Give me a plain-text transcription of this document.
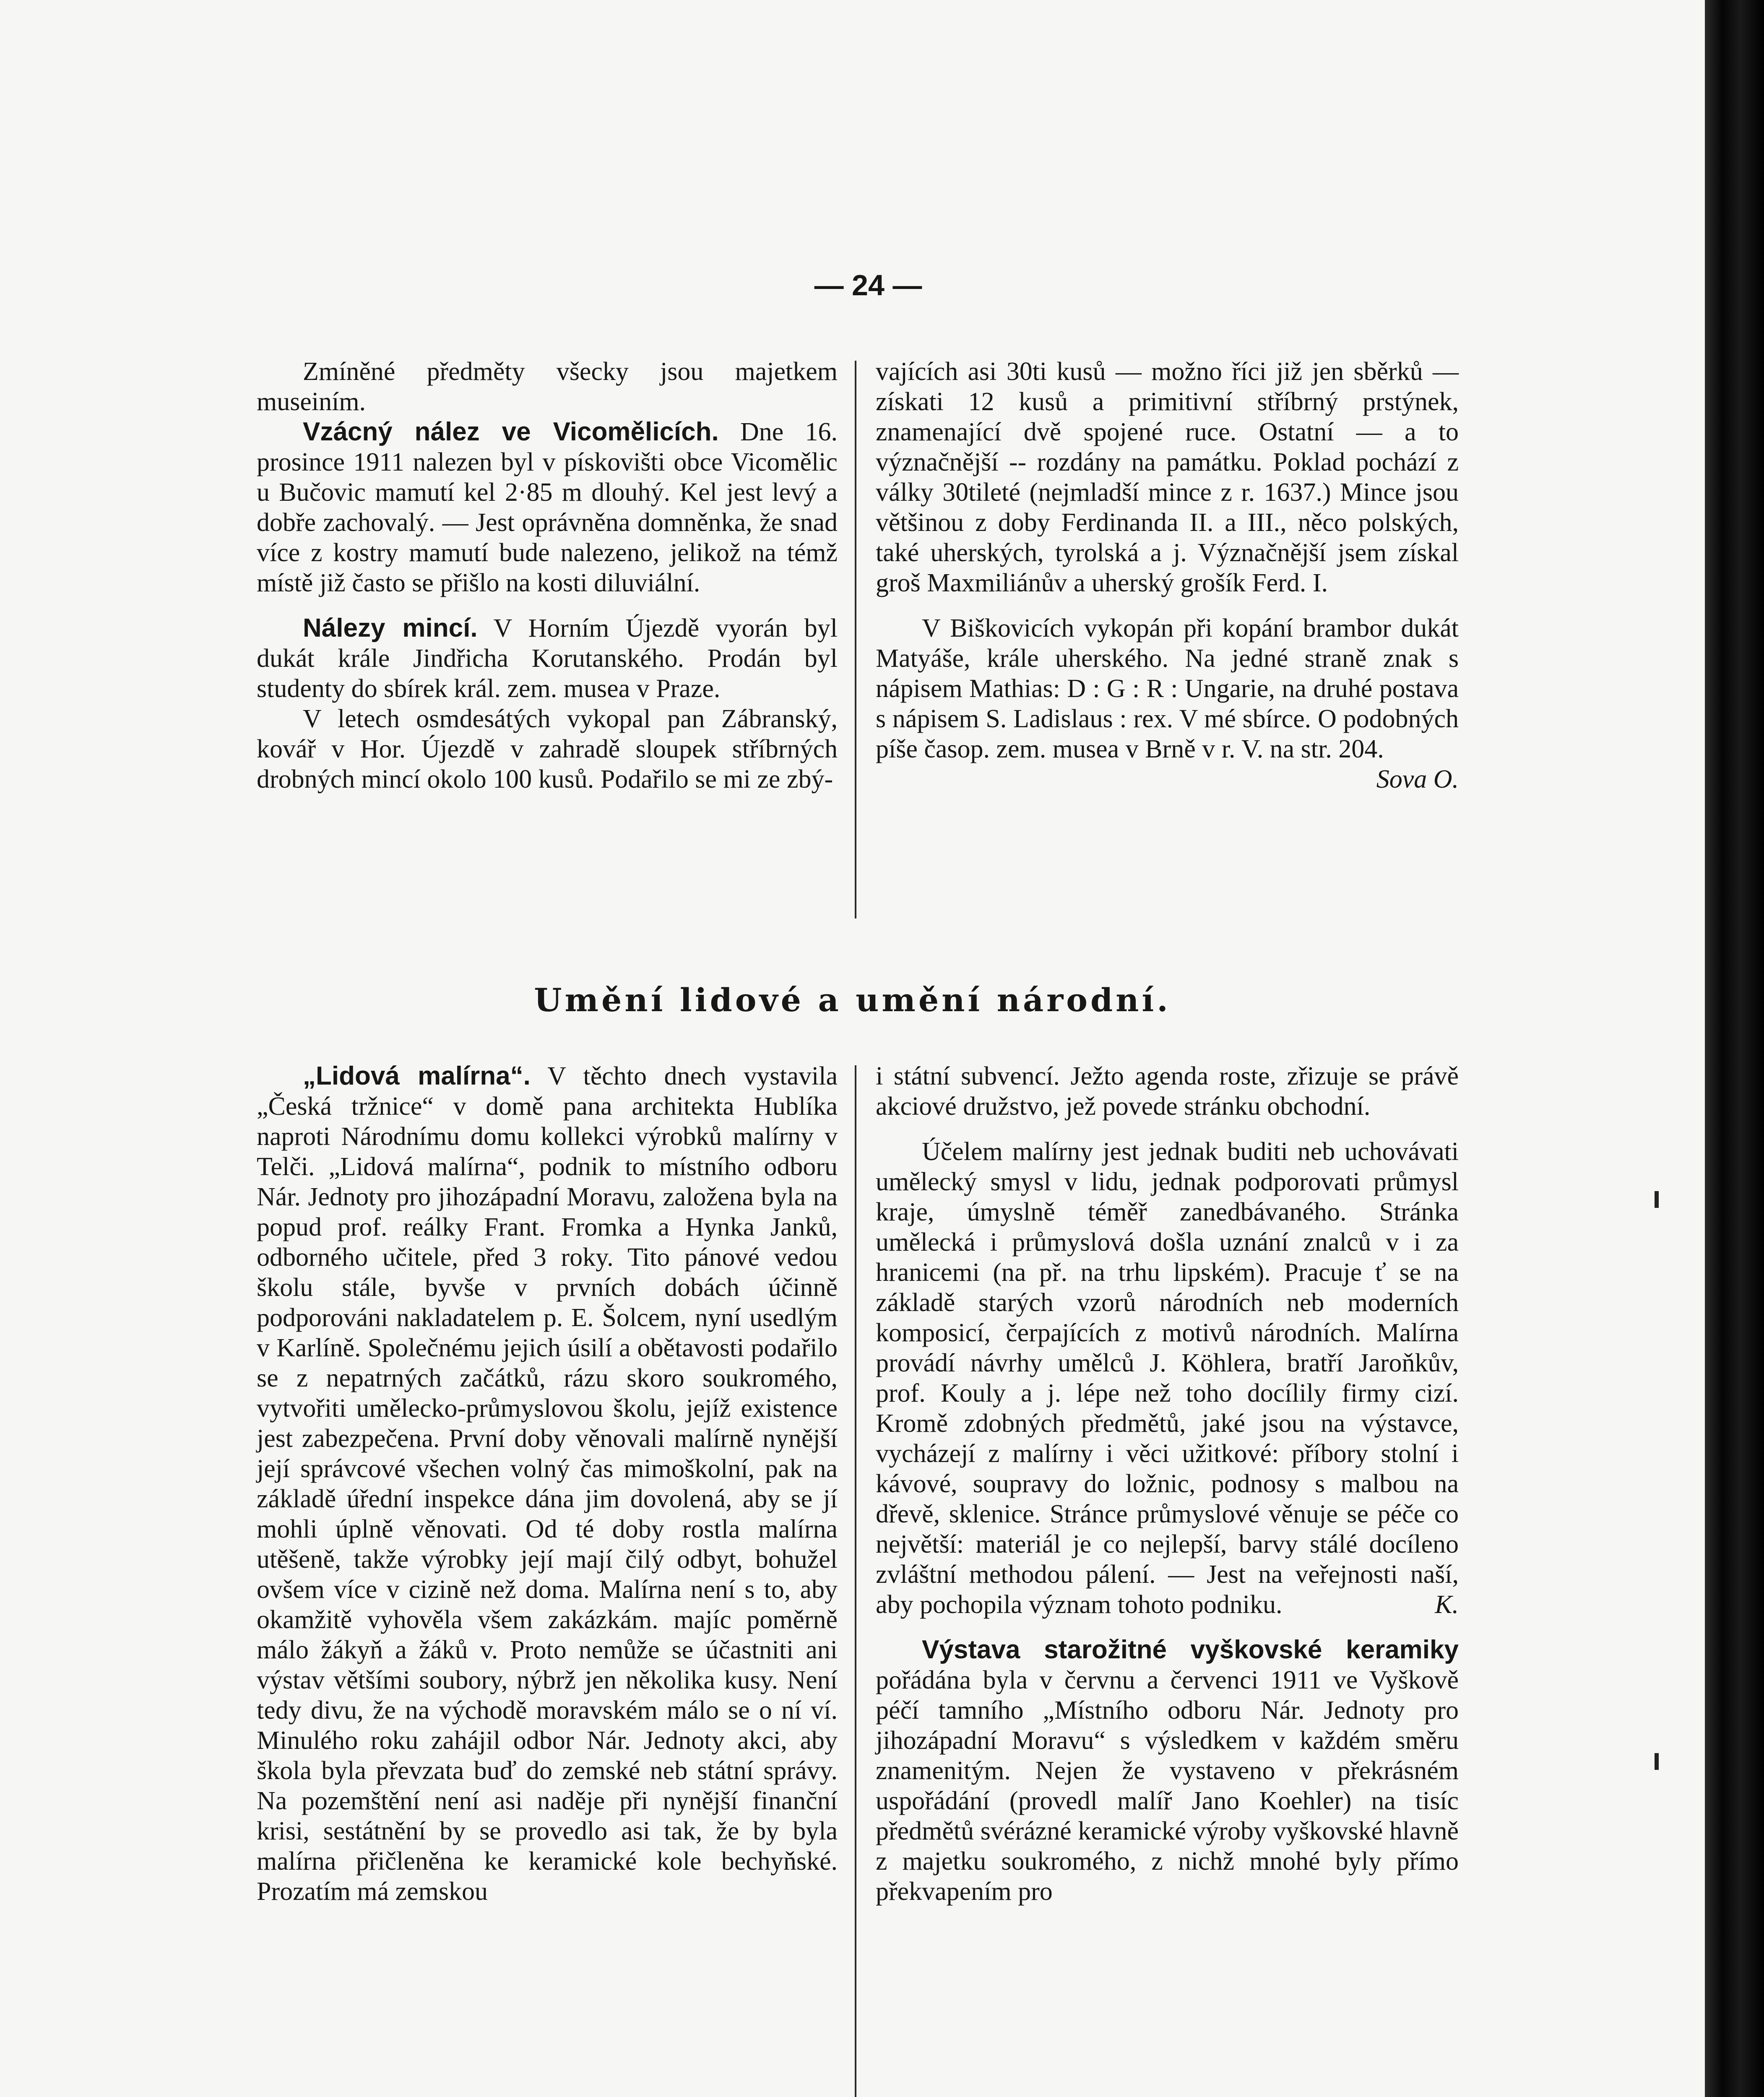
— 24 —

Zmíněné předměty všecky jsou majetkem museiním.

Vzácný nález ve Vicomělicích. Dne 16. prosince 1911 nalezen byl v pískovišti obce Vicomělic u Bučovic mamutí kel 2·85 m dlouhý. Kel jest levý a dobře zachovalý. — Jest oprávněna domněnka, že snad více z kostry mamutí bude nalezeno, jelikož na témž místě již často se přišlo na kosti diluviální.

Nálezy mincí. V Horním Újezdě vyorán byl dukát krále Jindřicha Korutanského. Prodán byl studenty do sbírek král. zem. musea v Praze.

V letech osmdesátých vykopal pan Zábranský, kovář v Hor. Újezdě v zahradě sloupek stříbrných drobných mincí okolo 100 kusů. Podařilo se mi ze zbý-

vajících asi 30ti kusů — možno říci již jen sběrků — získati 12 kusů a primitivní stříbrný prstýnek, znamenající dvě spojené ruce. Ostatní — a to význačnější -- rozdány na památku. Poklad pochází z války 30tileté (nejmladší mince z r. 1637.) Mince jsou většinou z doby Ferdinanda II. a III., něco polských, také uherských, tyrolská a j. Význačnější jsem získal groš Maxmiliánův a uherský grošík Ferd. I.

V Biškovicích vykopán při kopání brambor dukát Matyáše, krále uherského. Na jedné straně znak s nápisem Mathias: D : G : R : Ungarie, na druhé postava s nápisem S. Ladislaus : rex. V mé sbírce. O podobných píše časop. zem. musea v Brně v r. V. na str. 204.
Sova O.

Umění lidové a umění národní.

„Lidová malírna“. V těchto dnech vystavila „Česká tržnice“ v domě pana architekta Hublíka naproti Národnímu domu kollekci výrobků malírny v Telči. „Lidová malírna“, podnik to místního odboru Nár. Jednoty pro jihozápadní Moravu, založena byla na popud prof. reálky Frant. Fromka a Hynka Janků, odborného učitele, před 3 roky. Tito pánové vedou školu stále, byvše v prvních dobách účinně podporováni nakladatelem p. E. Šolcem, nyní usedlým v Karlíně. Společnému jejich úsilí a obětavosti podařilo se z nepatrných začátků, rázu skoro soukromého, vytvořiti umělecko-průmyslovou školu, jejíž existence jest zabezpečena. První doby věnovali malírně nynější její správcové všechen volný čas mimoškolní, pak na základě úřední inspekce dána jim dovolená, aby se jí mohli úplně věnovati. Od té doby rostla malírna utěšeně, takže výrobky její mají čilý odbyt, bohužel ovšem více v cizině než doma. Malírna není s to, aby okamžitě vyhověla všem zakázkám. majíc poměrně málo žákyň a žáků v. Proto nemůže se účastniti ani výstav většími soubory, nýbrž jen několika kusy. Není tedy divu, že na východě moravském málo se o ní ví. Minulého roku zahájil odbor Nár. Jednoty akci, aby škola byla převzata buď do zemské neb státní správy. Na pozemštění není asi naděje při nynější finanční krisi, sestátnění by se provedlo asi tak, že by byla malírna přičleněna ke keramické kole bechyňské. Prozatím má zemskou

i státní subvencí. Ježto agenda roste, zřizuje se právě akciové družstvo, jež povede stránku obchodní.

Účelem malírny jest jednak buditi neb uchovávati umělecký smysl v lidu, jednak podporovati průmysl kraje, úmyslně téměř zanedbávaného. Stránka umělecká i průmyslová došla uznání znalců v i za hranicemi (na př. na trhu lipském). Pracuje ť se na základě starých vzorů národních neb moderních komposicí, čerpajících z motivů národních. Malírna provádí návrhy umělců J. Köhlera, bratří Jaroňkův, prof. Kouly a j. lépe než toho docílily firmy cizí. Kromě zdobných předmětů, jaké jsou na výstavce, vycházejí z malírny i věci užitkové: příbory stolní i kávové, soupravy do ložnic, podnosy s malbou na dřevě, sklenice. Stránce průmyslové věnuje se péče co největší: materiál je co nejlepší, barvy stálé docíleno zvláštní methodou pálení. — Jest na veřejnosti naší, aby pochopila význam tohoto podniku.	K.

Výstava starožitné vyškovské keramiky pořádána byla v červnu a červenci 1911 ve Vyškově péčí tamního „Místního odboru Nár. Jednoty pro jihozápadní Moravu“ s výsledkem v každém směru znamenitým. Nejen že vystaveno v překrásném uspořádání (provedl malíř Jano Koehler) na tisíc předmětů svérázné keramické výroby vyškovské hlavně z majetku soukromého, z nichž mnohé byly přímo překvapením pro
